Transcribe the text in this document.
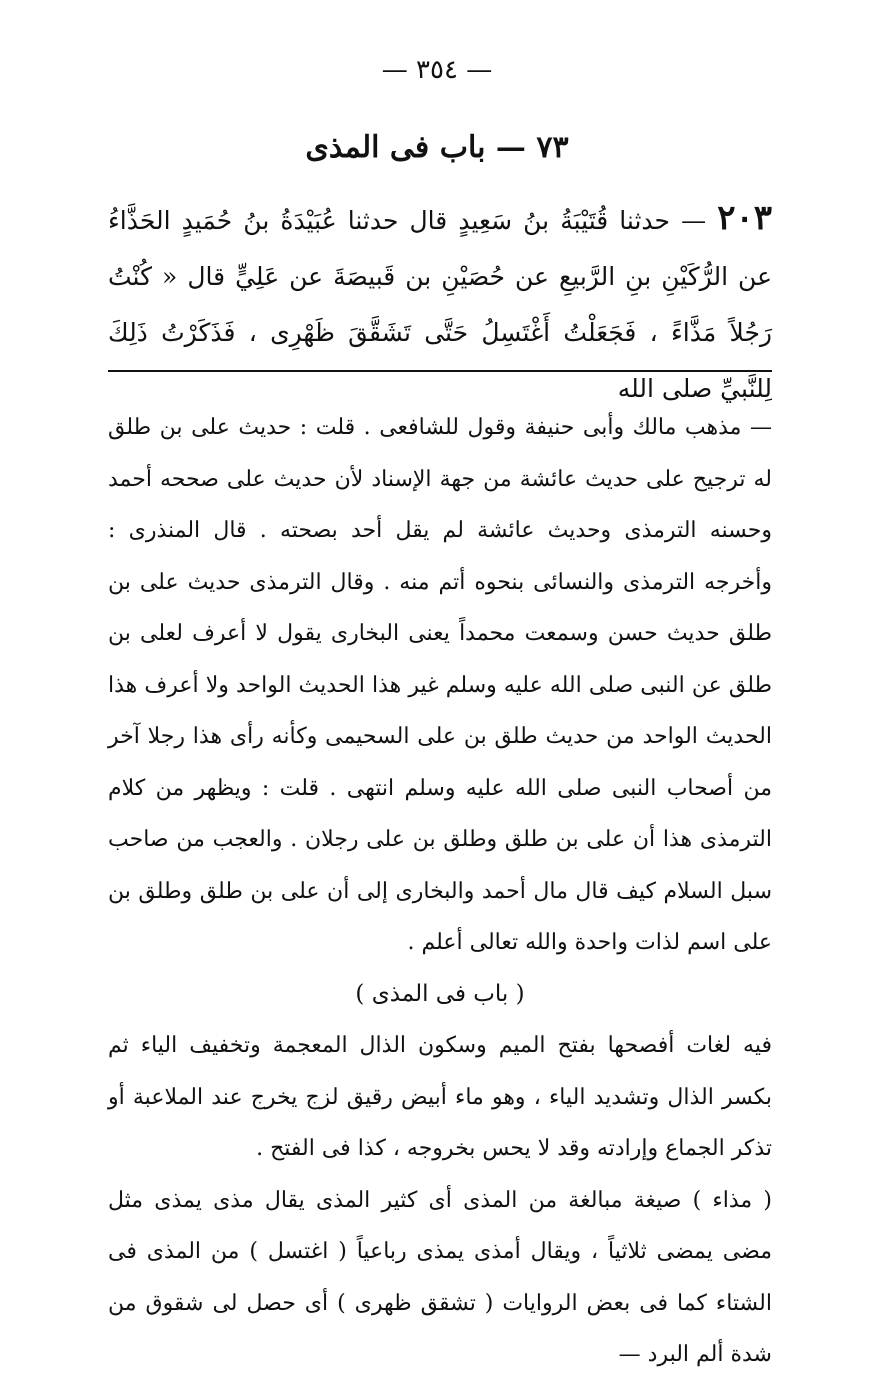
— ٣٥٤ —
٧٣ — باب فى المذى
٢٠٣ — حدثنا قُتَيْبَةُ بنُ سَعِيدٍ قال حدثنا عُبَيْدَةُ بنُ حُمَيدٍ الحَذَّاءُ عن الرُّكَيْنِ بنِ الرَّبيعِ عن حُصَيْنِ بن قَبيصَةَ عن عَلِيٍّ قال « كُنْتُ رَجُلاً مَذَّاءً ، فَجَعَلْتُ أَغْتَسِلُ حَتَّى تَشَقَّقَ ظَهْرِى ، فَذَكَرْتُ ذَلِكَ لِلنَّبيِّ صلى الله

— مذهب مالك وأبى حنيفة وقول للشافعى . قلت : حديث على بن طلق له ترجيح على حديث عائشة من جهة الإسناد لأن حديث على صححه أحمد وحسنه الترمذى وحديث عائشة لم يقل أحد بصحته . قال المنذرى : وأخرجه الترمذى والنسائى بنحوه أتم منه . وقال الترمذى حديث على بن طلق حديث حسن وسمعت محمداً يعنى البخارى يقول لا أعرف لعلى بن طلق عن النبى صلى الله عليه وسلم غير هذا الحديث الواحد ولا أعرف هذا الحديث الواحد من حديث طلق بن على السحيمى وكأنه رأى هذا رجلا آخر من أصحاب النبى صلى الله عليه وسلم انتهى . قلت : ويظهر من كلام الترمذى هذا أن على بن طلق وطلق بن على رجلان . والعجب من صاحب سبل السلام كيف قال مال أحمد والبخارى إلى أن على بن طلق وطلق بن على اسم لذات واحدة والله تعالى أعلم .

( باب فى المذى )

فيه لغات أفصحها بفتح الميم وسكون الذال المعجمة وتخفيف الياء ثم بكسر الذال وتشديد الياء ، وهو ماء أبيض رقيق لزج يخرج عند الملاعبة أو تذكر الجماع وإرادته وقد لا يحس بخروجه ، كذا فى الفتح .

( مذاء ) صيغة مبالغة من المذى أى كثير المذى يقال مذى يمذى مثل مضى يمضى ثلاثياً ، ويقال أمذى يمذى رباعياً ( اغتسل ) من المذى فى الشتاء كما فى بعض الروايات ( تشقق ظهرى ) أى حصل لى شقوق من شدة ألم البرد —
